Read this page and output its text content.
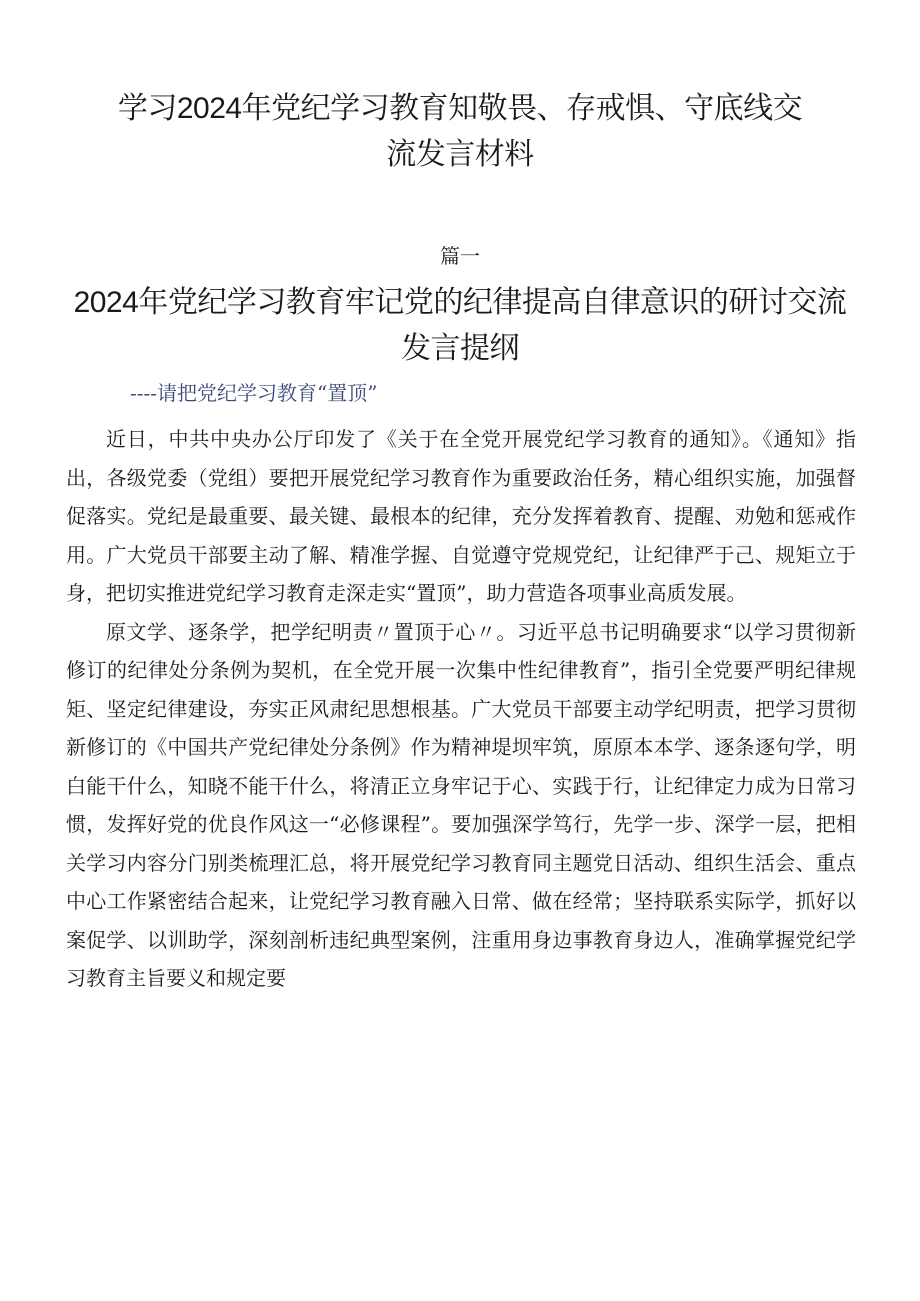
学习2024年党纪学习教育知敬畏、存戒惧、守底线交
流发言材料
篇一
2024年党纪学习教育牢记党的纪律提高自律意识的研讨交流
发言提纲
----请把党纪学习教育“置顶”

近日，中共中央办公厅印发了《关于在全党开展党纪学习教育的通知》。《通知》指出，各级党委（党组）要把开展党纪学习教育作为重要政治任务，精心组织实施，加强督促落实。党纪是最重要、最关键、最根本的纪律，充分发挥着教育、提醒、劝勉和惩戒作用。广大党员干部要主动了解、精准学握、自觉遵守党规党纪，让纪律严于己、规矩立于身，把切实推进党纪学习教育走深走实“置顶”，助力营造各项事业高质发展。

原文学、逐条学，把学纪明责〃置顶于心〃。习近平总书记明确要求“以学习贯彻新修订的纪律处分条例为契机，在全党开展一次集中性纪律教育”，指引全党要严明纪律规矩、坚定纪律建设，夯实正风肃纪思想根基。广大党员干部要主动学纪明责，把学习贯彻新修订的《中国共产党纪律处分条例》作为精神堤坝牢筑，原原本本学、逐条逐句学，明白能干什么，知晓不能干什么，将清正立身牢记于心、实践于行，让纪律定力成为日常习惯，发挥好党的优良作风这一“必修课程”。要加强深学笃行，先学一步、深学一层，把相关学习内容分门别类梳理汇总，将开展党纪学习教育同主题党日活动、组织生活会、重点中心工作紧密结合起来，让党纪学习教育融入日常、做在经常；坚持联系实际学，抓好以案促学、以训助学，深刻剖析违纪典型案例，注重用身边事教育身边人，准确掌握党纪学习教育主旨要义和规定要
